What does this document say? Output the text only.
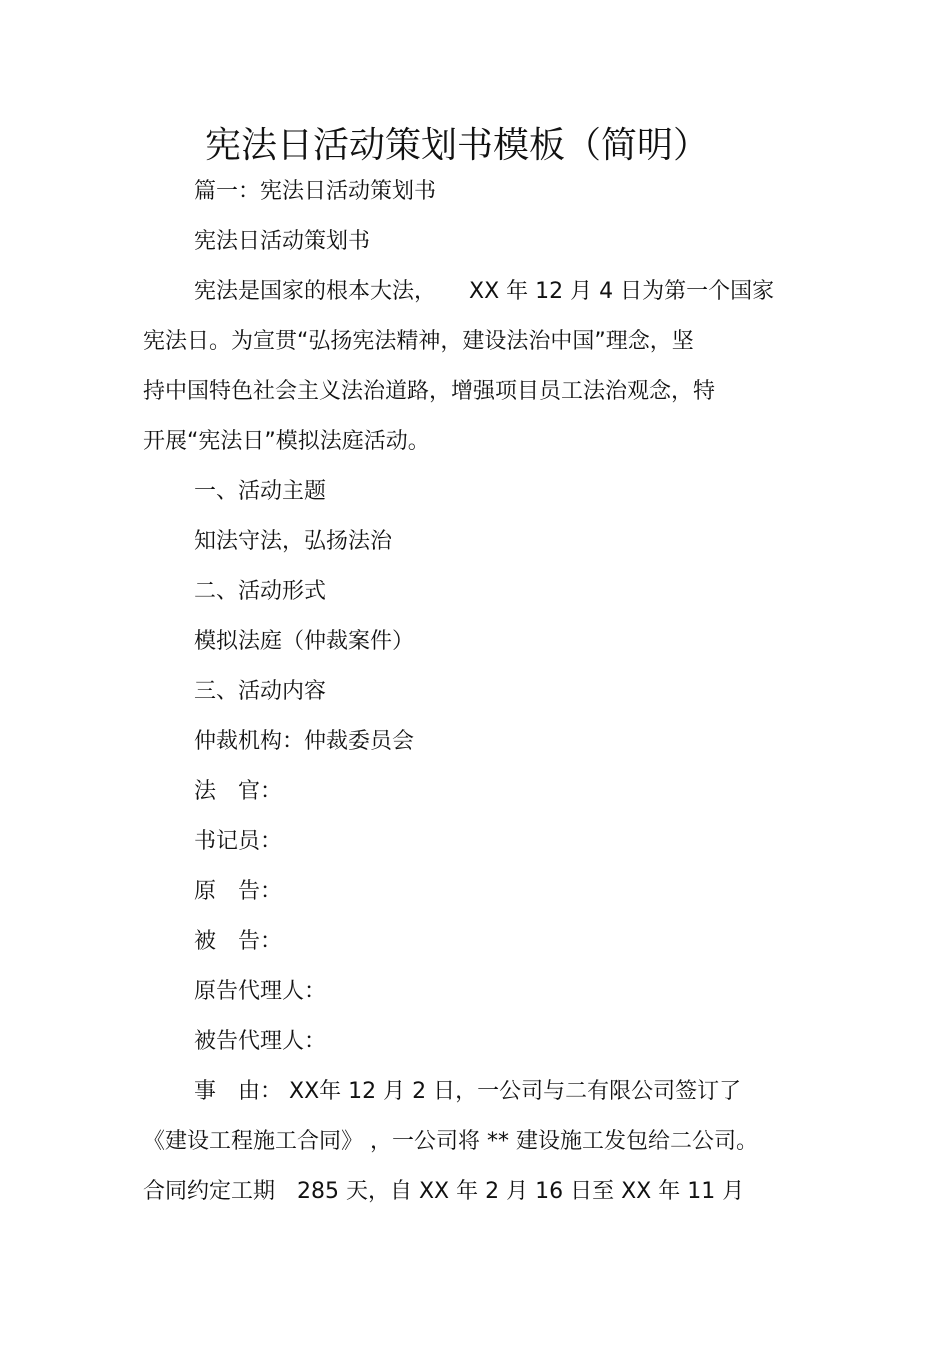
宪法日活动策划书模板（简明）
篇一：宪法日活动策划书
宪法日活动策划书
宪法是国家的根本大法，　　XX 年 12 月 4 日为第一个国家
宪法日。为宣贯“弘扬宪法精神，建设法治中国”理念，坚
持中国特色社会主义法治道路，增强项目员工法治观念，特
开展“宪法日”模拟法庭活动。
一、活动主题
知法守法，弘扬法治
二、活动形式
模拟法庭（仲裁案件）
三、活动内容
仲裁机构：仲裁委员会
法　官：
书记员：
原　告：
被　告：
原告代理人：
被告代理人：
事　由： XX年 12 月 2 日，一公司与二有限公司签订了
《建设工程施工合同》 ，一公司将 ** 建设施工发包给二公司。
合同约定工期　285 天，自 XX 年 2 月 16 日至 XX 年 11 月
